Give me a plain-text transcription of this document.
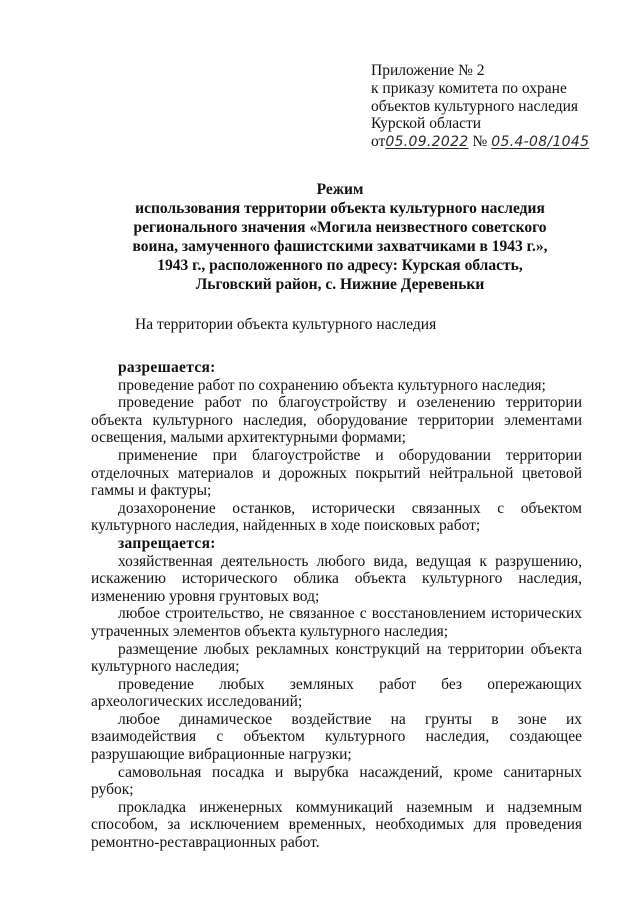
Приложение № 2
к приказу комитета по охране
объектов культурного наследия
Курской области
от05.09.2022 № 05.4-08/1045
Режим
использования территории объекта культурного наследия
регионального значения «Могила неизвестного советского
воина, замученного фашистскими захватчиками в 1943 г.»,
1943 г., расположенного по адресу: Курская область,
Льговский район, с. Нижние Деревеньки
На территории объекта культурного наследия
разрешается:
проведение работ по сохранению объекта культурного наследия;
проведение работ по благоустройству и озеленению территории объекта культурного наследия, оборудование территории элементами освещения, малыми архитектурными формами;
применение при благоустройстве и оборудовании территории отделочных материалов и дорожных покрытий нейтральной цветовой гаммы и фактуры;
дозахоронение останков, исторически связанных с объектом культурного наследия, найденных в ходе поисковых работ;
запрещается:
хозяйственная деятельность любого вида, ведущая к разрушению, искажению исторического облика объекта культурного наследия, изменению уровня грунтовых вод;
любое строительство, не связанное с восстановлением исторических утраченных элементов объекта культурного наследия;
размещение любых рекламных конструкций на территории объекта культурного наследия;
проведение любых земляных работ без опережающих археологических исследований;
любое динамическое воздействие на грунты в зоне их взаимодействия с объектом культурного наследия, создающее разрушающие вибрационные нагрузки;
самовольная посадка и вырубка насаждений, кроме санитарных рубок;
прокладка инженерных коммуникаций наземным и надземным способом, за исключением временных, необходимых для проведения ремонтно-реставрационных работ.
